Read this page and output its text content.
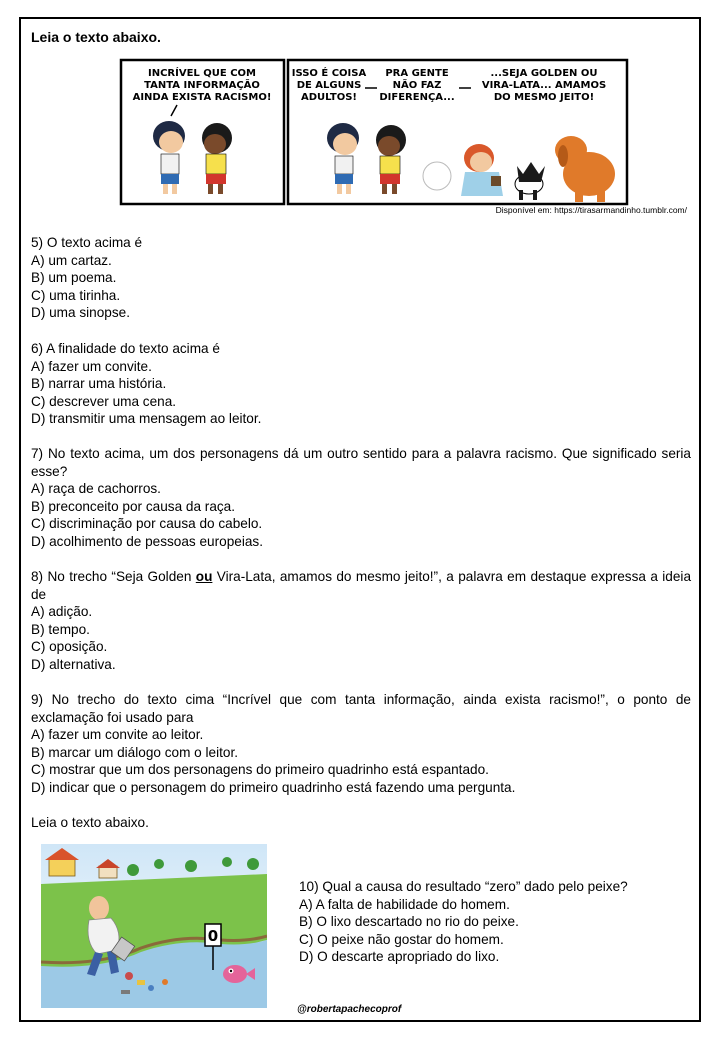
Leia o texto abaixo.
INCRÍVEL QUE COM
TANTA INFORMAÇÃO
AINDA EXISTA RACISMO!
ISSO É COISA
DE ALGUNS
ADULTOS!
PRA GENTE
NÃO FAZ
DIFERENÇA...
...SEJA GOLDEN OU
VIRA-LATA... AMAMOS
DO MESMO JEITO!
Disponível em: https://tirasarmandinho.tumblr.com/

5) O texto acima é

A) um cartaz.

B) um poema.

C) uma tirinha.

D) uma sinopse.

6) A finalidade do texto acima é

A) fazer um convite.

B) narrar uma história.

C) descrever uma cena.

D) transmitir uma mensagem ao leitor.

7) No texto acima, um dos personagens dá um outro sentido para a palavra racismo. Que significado seria esse?

A) raça de cachorros.

B) preconceito por causa da raça.

C) discriminação por causa do cabelo.

D) acolhimento de pessoas europeias.

8) No trecho “Seja Golden ou Vira-Lata, amamos do mesmo jeito!”, a palavra em destaque expressa a ideia de

A) adição.

B) tempo.

C) oposição.

D) alternativa.

9) No trecho do texto cima “Incrível que com tanta informação, ainda exista racismo!”, o ponto de exclamação foi usado para

A) fazer um convite ao leitor.

B) marcar um diálogo com o leitor.

C) mostrar que um dos personagens do primeiro quadrinho está espantado.

D) indicar que o personagem do primeiro quadrinho está fazendo uma pergunta.

Leia o texto abaixo.
0

10) Qual a causa do resultado “zero” dado pelo peixe?

A) A falta de habilidade do homem.

B) O lixo descartado no rio do peixe.

C) O peixe não gostar do homem.

D) O descarte apropriado do lixo.

@robertapachecoprof
